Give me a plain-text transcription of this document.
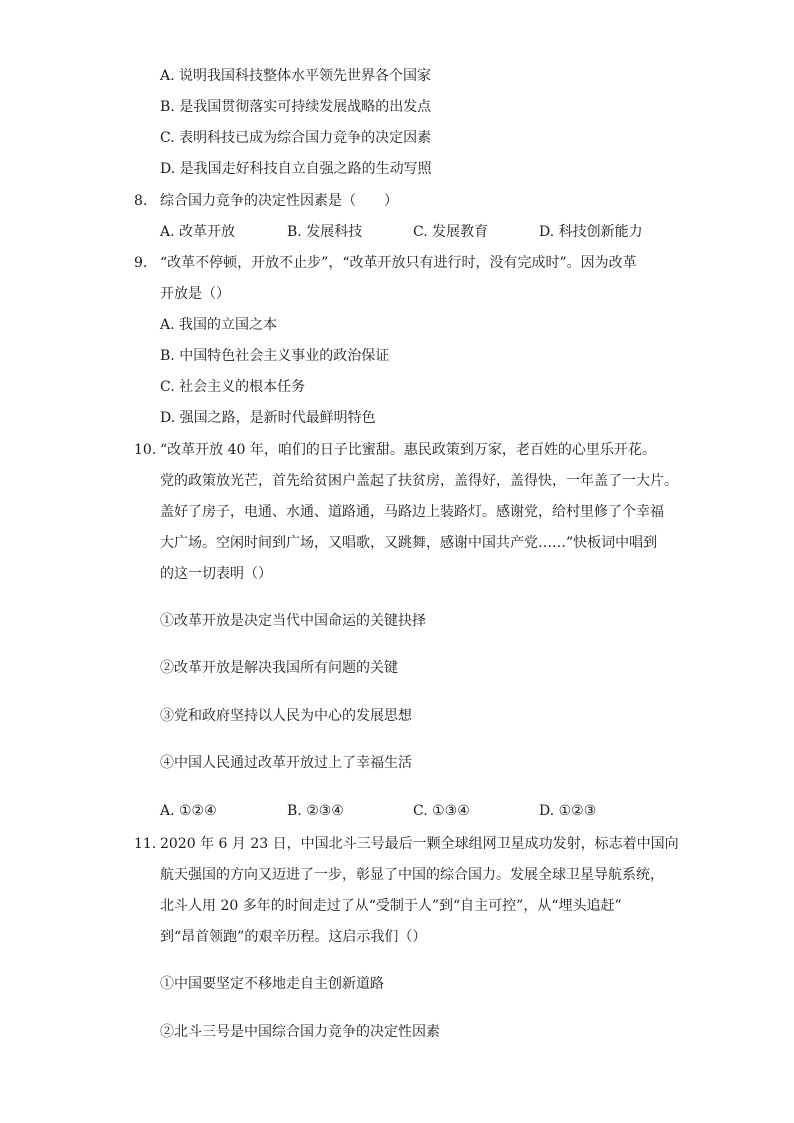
A. 说明我国科技整体水平领先世界各个国家
B. 是我国贯彻落实可持续发展战略的出发点
C. 表明科技已成为综合国力竞争的决定因素
D. 是我国走好科技自立自强之路的生动写照
8. 综合国力竞争的决定性因素是（　　）
A. 改革开放	B. 发展科技	C. 发展教育	D. 科技创新能力
9. “改革不停顿，开放不止步”，“改革开放只有进行时，没有完成时”。因为改革
开放是（）
A. 我国的立国之本
B. 中国特色社会主义事业的政治保证
C. 社会主义的根本任务
D. 强国之路，是新时代最鲜明特色
10. “改革开放 40 年，咱们的日子比蜜甜。惠民政策到万家，老百姓的心里乐开花。
党的政策放光芒，首先给贫困户盖起了扶贫房，盖得好，盖得快，一年盖了一大片。
盖好了房子，电通、水通、道路通，马路边上装路灯。感谢党，给村里修了个幸福
大广场。空闲时间到广场，又唱歌，又跳舞，感谢中国共产党……”快板词中唱到
的这一切表明（）
①改革开放是决定当代中国命运的关键抉择
②改革开放是解决我国所有问题的关键
③党和政府坚持以人民为中心的发展思想
④中国人民通过改革开放过上了幸福生活
A. ①②④	B. ②③④	C. ①③④	D. ①②③
11. 2020 年 6 月 23 日，中国北斗三号最后一颗全球组网卫星成功发射，标志着中国向
航天强国的方向又迈进了一步，彰显了中国的综合国力。发展全球卫星导航系统，
北斗人用 20 多年的时间走过了从“受制于人”到“自主可控”，从“埋头追赶”
到“昂首领跑”的艰辛历程。这启示我们（）
①中国要坚定不移地走自主创新道路
②北斗三号是中国综合国力竞争的决定性因素
